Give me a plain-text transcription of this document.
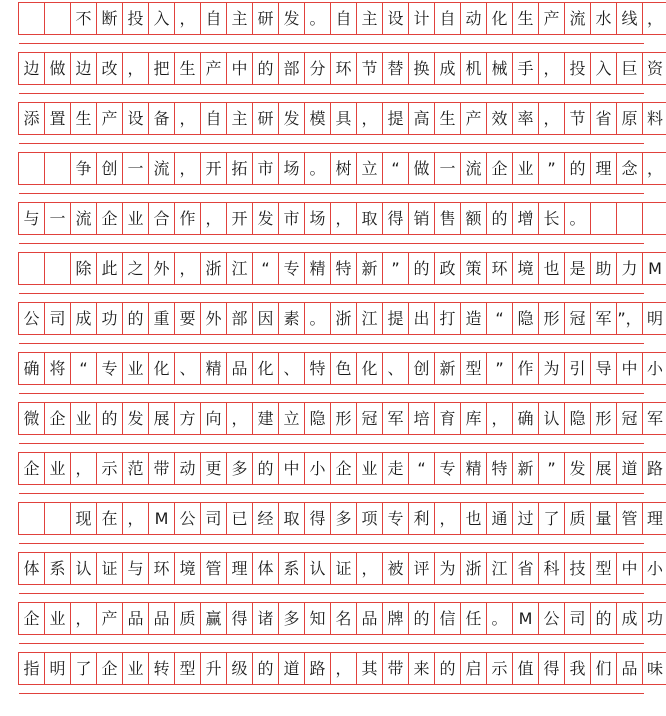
不 断 投 入 ， 自 主 研 发 。 自 主 设 计 自 动 化 生 产 流 水 线 ，
边 做 边 改 ， 把 生 产 中 的 部 分 环 节 替 换 成 机 械 手 ， 投 入 巨 资
添 置 生 产 设 备 ， 自 主 研 发 模 具 ， 提 高 生 产 效 率 ， 节 省 原 料
争 创 一 流 ， 开 拓 市 场 。 树 立 “ 做 一 流 企 业 ” 的 理 念 ，
与 一 流 企 业 合 作 ， 开 发 市 场 ， 取 得 销 售 额 的 增 长 。
除 此 之 外 ， 浙 江 “ 专 精 特 新 ” 的 政 策 环 境 也 是 助 力 M
公 司 成 功 的 重 要 外 部 因 素 。 浙 江 提 出 打 造 “ 隐 形 冠 军 ”， 明
确 将 “ 专 业 化 、 精 品 化 、 特 色 化 、 创 新 型 ” 作 为 引 导 中 小
微 企 业 的 发 展 方 向 ， 建 立 隐 形 冠 军 培 育 库 ， 确 认 隐 形 冠 军
企 业 ， 示 范 带 动 更 多 的 中 小 企 业 走 “ 专 精 特 新 ” 发 展 道 路
现 在 ， M 公 司 已 经 取 得 多 项 专 利 ， 也 通 过 了 质 量 管 理
体 系 认 证 与 环 境 管 理 体 系 认 证 ， 被 评 为 浙 江 省 科 技 型 中 小
企 业 ， 产 品 品 质 赢 得 诸 多 知 名 品 牌 的 信 任 。 M 公 司 的 成 功
指 明 了 企 业 转 型 升 级 的 道 路 ， 其 带 来 的 启 示 值 得 我 们 品 味
